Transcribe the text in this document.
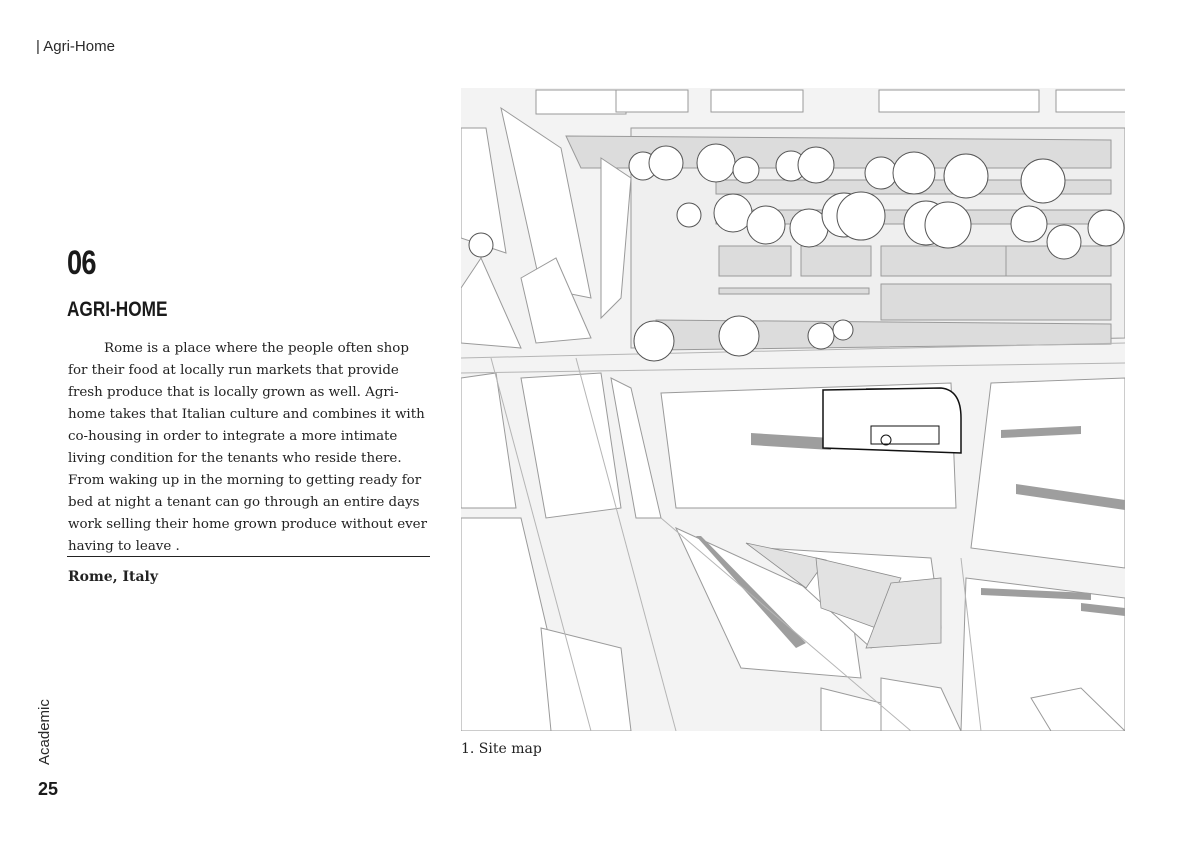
| Agri-Home
06
AGRI-HOME

Rome is a place where the people often shop for their food at locally run markets that provide fresh produce that is locally grown as well. Agri-home takes that Italian culture and combines it with co-housing in order to integrate a more intimate living condition for the tenants who reside there. From waking up in the morning to getting ready for bed at night a tenant can go through an entire days work selling their home grown produce without ever having to leave .

Rome, Italy
1. Site map
Academic
25
